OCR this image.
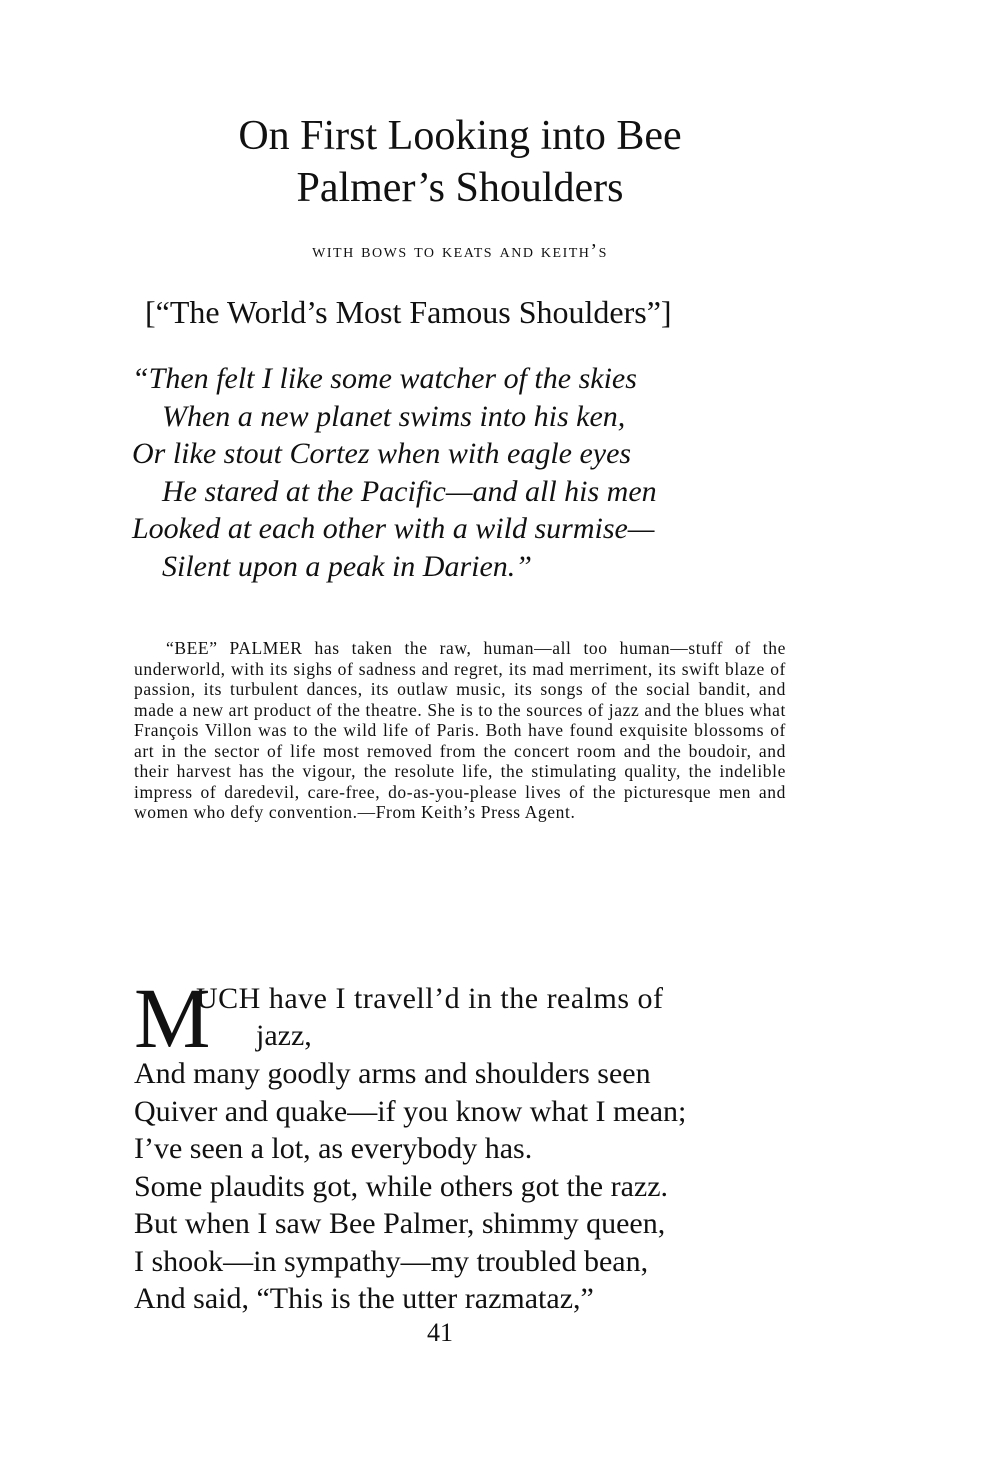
On First Looking into Bee Palmer’s Shoulders
with bows to keats and keith’s
[“The World’s Most Famous Shoulders”]
“Then felt I like some watcher of the skies
When a new planet swims into his ken,
Or like stout Cortez when with eagle eyes
He stared at the Pacific—and all his men
Looked at each other with a wild surmise—
Silent upon a peak in Darien.”

“BEE” PALMER has taken the raw, human—all too human—stuff of the underworld, with its sighs of sadness and regret, its mad merriment, its swift blaze of passion, its turbulent dances, its outlaw music, its songs of the social bandit, and made a new art product of the theatre. She is to the sources of jazz and the blues what François Villon was to the wild life of Paris. Both have found exquisite blossoms of art in the sector of life most removed from the concert room and the boudoir, and their harvest has the vigour, the resolute life, the stimulating quality, the indelible impress of daredevil, care-free, do-as-you-please lives of the picturesque men and women who defy convention.—From Keith’s Press Agent.

M
UCH have I travell’d in the realms of
jazz,
And many goodly arms and shoulders seen
Quiver and quake—if you know what I mean;
I’ve seen a lot, as everybody has.
Some plaudits got, while others got the razz.
But when I saw Bee Palmer, shimmy queen,
I shook—in sympathy—my troubled bean,
And said, “This is the utter razmataz,”
41
